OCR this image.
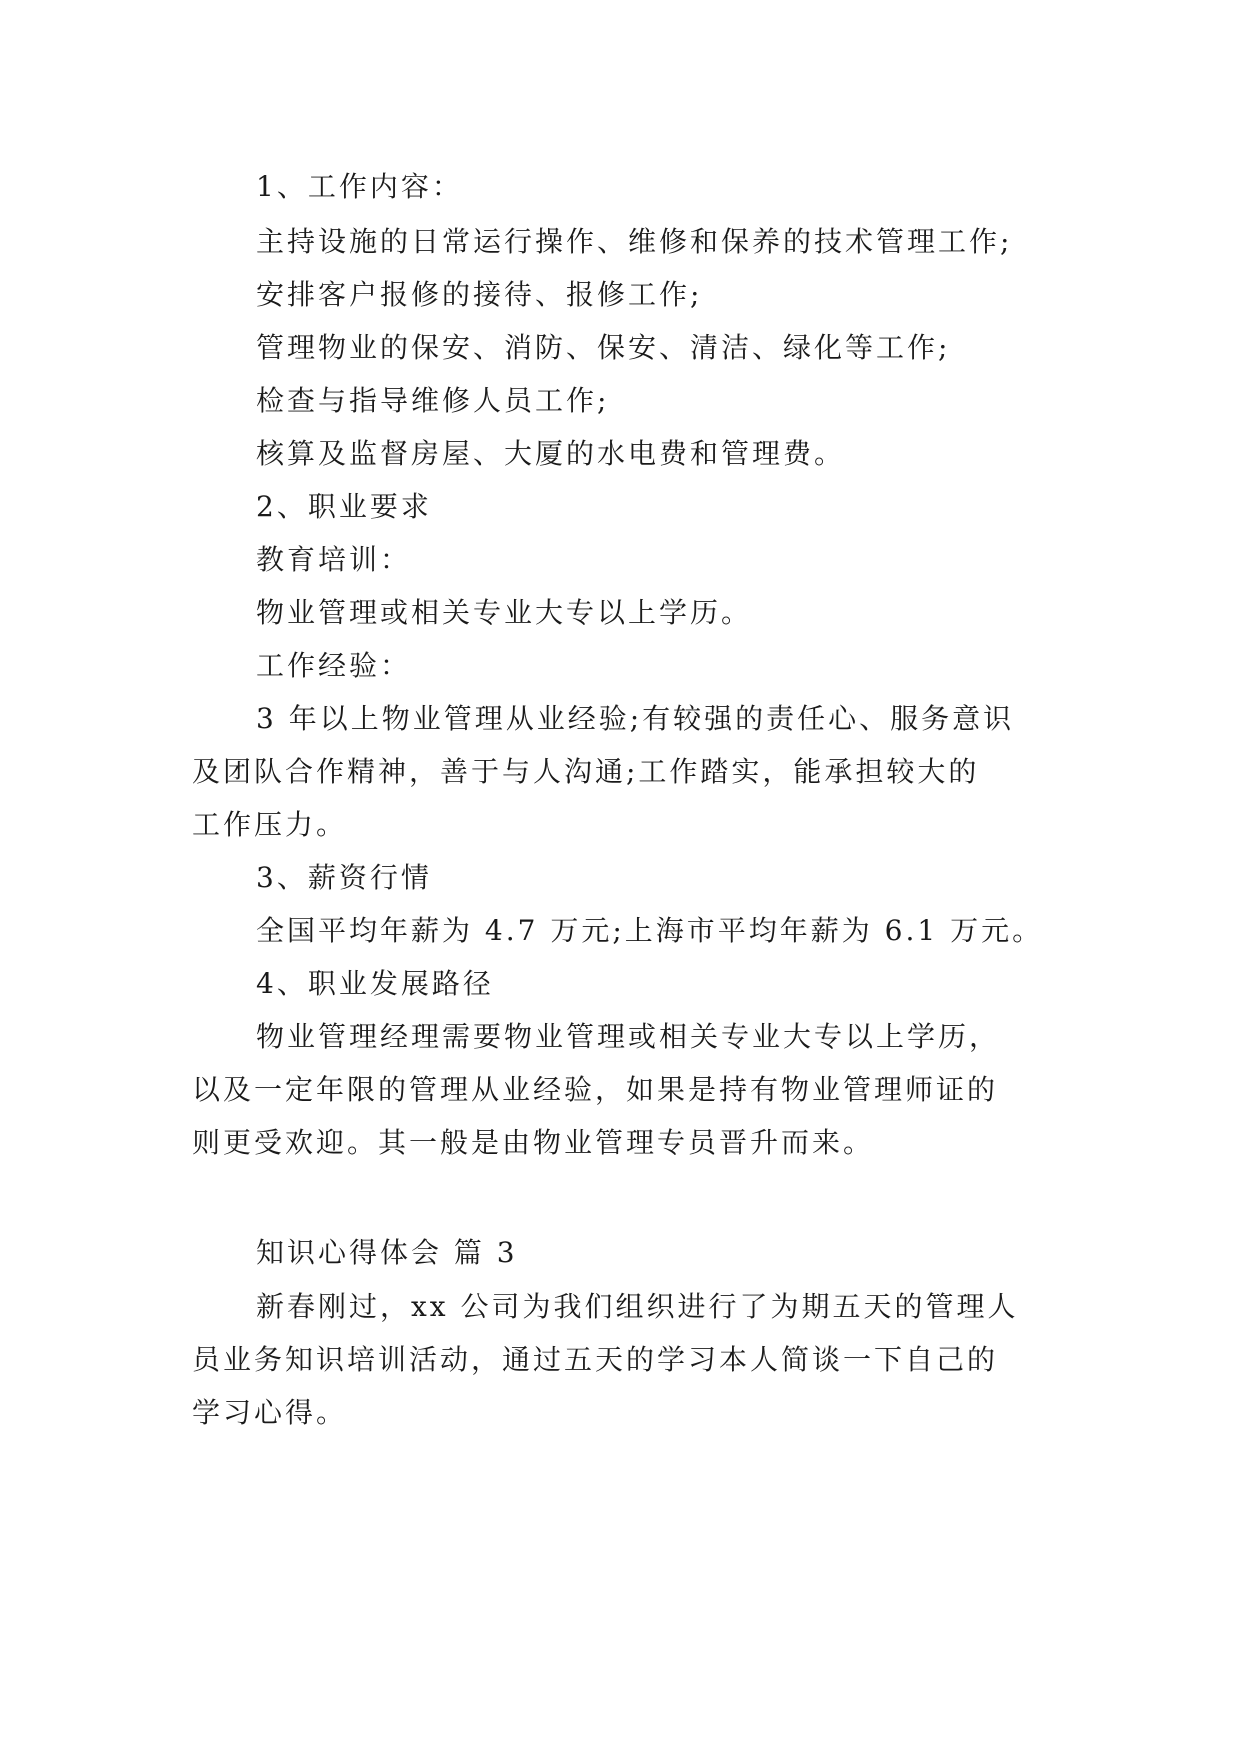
1、工作内容：
主持设施的日常运行操作、维修和保养的技术管理工作;
安排客户报修的接待、报修工作;
管理物业的保安、消防、保安、清洁、绿化等工作;
检查与指导维修人员工作;
核算及监督房屋、大厦的水电费和管理费。
2、职业要求
教育培训：
物业管理或相关专业大专以上学历。
工作经验：
3 年以上物业管理从业经验;有较强的责任心、服务意识
及团队合作精神，善于与人沟通;工作踏实，能承担较大的
工作压力。
3、薪资行情
全国平均年薪为 4.7 万元;上海市平均年薪为 6.1 万元。
4、职业发展路径
物业管理经理需要物业管理或相关专业大专以上学历，
以及一定年限的管理从业经验，如果是持有物业管理师证的
则更受欢迎。其一般是由物业管理专员晋升而来。
知识心得体会 篇 3
新春刚过，xx 公司为我们组织进行了为期五天的管理人
员业务知识培训活动，通过五天的学习本人简谈一下自己的
学习心得。
